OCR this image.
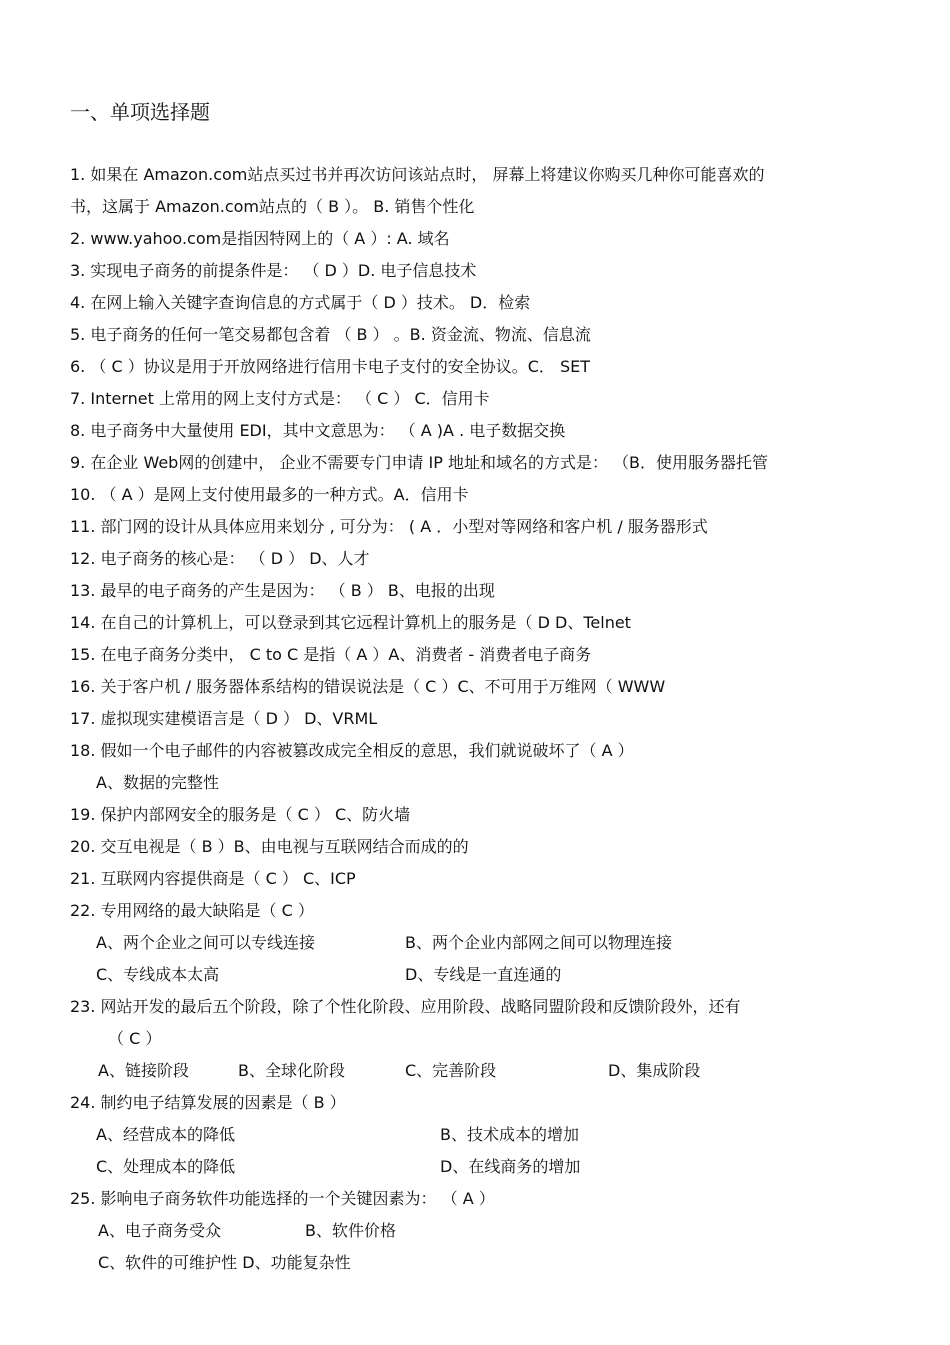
一、单项选择题
1. 如果在 Amazon.com站点买过书并再次访问该站点时， 屏幕上将建议你购买几种你可能喜欢的
书，这属于 Amazon.com站点的（ B ）。 B. 销售个性化
2. www.yahoo.com是指因特网上的（ A ）: A. 域名
3. 实现电子商务的前提条件是： （ D ）D. 电子信息技术
4. 在网上输入关键字查询信息的方式属于（ D ）技术。 D．检索
5. 电子商务的任何一笔交易都包含着 （ B ） 。B. 资金流、物流、信息流
6. （ C ）协议是用于开放网络进行信用卡电子支付的安全协议。C． SET
7. Internet 上常用的网上支付方式是： （ C ） C．信用卡
8. 电子商务中大量使用 EDI，其中文意思为： （ A )A . 电子数据交换
9. 在企业 Web网的创建中， 企业不需要专门申请 IP 地址和域名的方式是： （B．使用服务器托管
10. （ A ）是网上支付使用最多的一种方式。A．信用卡
11. 部门网的设计从具体应用来划分 , 可分为： ( A ．小型对等网络和客户机 / 服务器形式
12. 电子商务的核心是： （ D ） D、人才
13. 最早的电子商务的产生是因为： （ B ） B、电报的出现
14. 在自己的计算机上，可以登录到其它远程计算机上的服务是（ D D、Telnet
15. 在电子商务分类中， C to C 是指（ A ）A、消费者 - 消费者电子商务
16. 关于客户机 / 服务器体系结构的错误说法是（ C ）C、不可用于万维网（ WWW
17. 虚拟现实建模语言是（ D ） D、VRML
18. 假如一个电子邮件的内容被篡改成完全相反的意思，我们就说破坏了（ A ）
A、数据的完整性
19. 保护内部网安全的服务是（ C ） C、防火墙
20. 交互电视是（ B ）B、由电视与互联网结合而成的的
21. 互联网内容提供商是（ C ） C、ICP
22. 专用网络的最大缺陷是（ C ）
A、两个企业之间可以专线连接	B、两个企业内部网之间可以物理连接
C、专线成本太高	D、专线是一直连通的
23. 网站开发的最后五个阶段，除了个性化阶段、应用阶段、战略同盟阶段和反馈阶段外，还有
（ C ）
A、链接阶段	B、全球化阶段	C、完善阶段	D、集成阶段
24. 制约电子结算发展的因素是（ B ）
A、经营成本的降低	B、技术成本的增加
C、处理成本的降低	D、在线商务的增加
25. 影响电子商务软件功能选择的一个关键因素为： （ A ）
A、电子商务受众	B、软件价格
C、软件的可维护性 D、功能复杂性
